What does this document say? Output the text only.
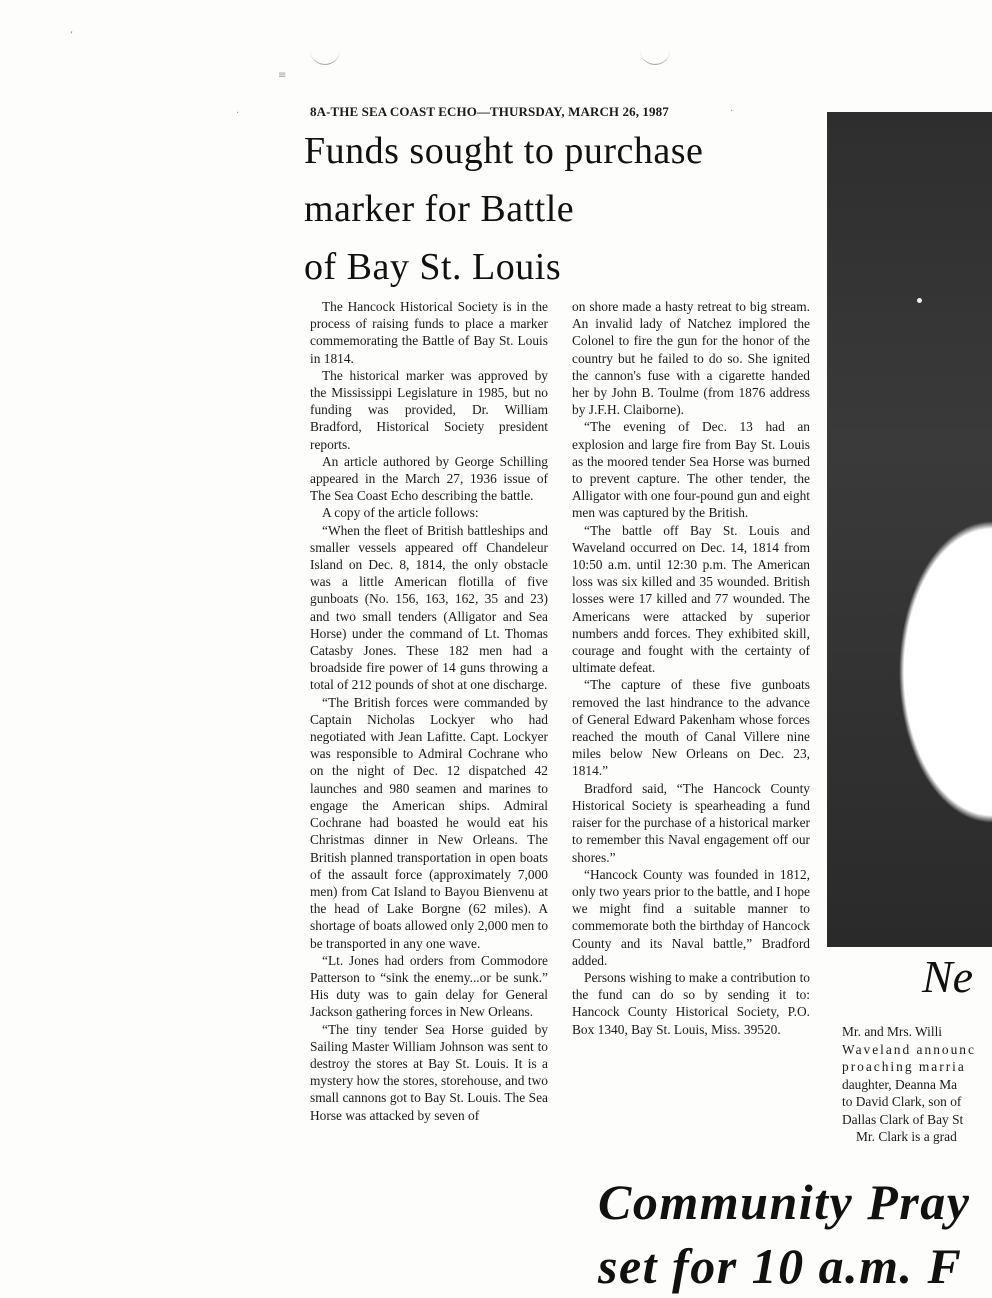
‘
≡
·	·
8A-THE SEA COAST ECHO—THURSDAY, MARCH 26, 1987
Funds sought to purchase
marker for Battle
of Bay St. Louis

The Hancock Historical Society is in the process of raising funds to place a marker commemorating the Battle of Bay St. Louis in 1814.

The historical marker was approved by the Mississippi Legislature in 1985, but no funding was provided, Dr. William Bradford, Historical Society president reports.

An article authored by George Schilling appeared in the March 27, 1936 issue of The Sea Coast Echo describing the battle.

A copy of the article follows:

“When the fleet of British battleships and smaller vessels appeared off Chandeleur Island on Dec. 8, 1814, the only obstacle was a little American flotilla of five gunboats (No. 156, 163, 162, 35 and 23) and two small tenders (Alligator and Sea Horse) under the command of Lt. Thomas Catasby Jones. These 182 men had a broadside fire power of 14 guns throwing a total of 212 pounds of shot at one discharge.

“The British forces were commanded by Captain Nicholas Lockyer who had negotiated with Jean Lafitte. Capt. Lockyer was responsible to Admiral Cochrane who on the night of Dec. 12 dispatched 42 launches and 980 seamen and marines to engage the American ships. Admiral Cochrane had boasted he would eat his Christmas dinner in New Orleans. The British planned transportation in open boats of the assault force (approximately 7,000 men) from Cat Island to Bayou Bienvenu at the head of Lake Borgne (62 miles). A shortage of boats allowed only 2,000 men to be transported in any one wave.

“Lt. Jones had orders from Commodore Patterson to “sink the enemy...or be sunk.” His duty was to gain delay for General Jackson gathering forces in New Orleans.

“The tiny tender Sea Horse guided by Sailing Master William Johnson was sent to destroy the stores at Bay St. Louis. It is a mystery how the stores, storehouse, and two small cannons got to Bay St. Louis. The Sea Horse was attacked by seven of

on shore made a hasty retreat to big stream. An invalid lady of Natchez implored the Colonel to fire the gun for the honor of the country but he failed to do so. She ignited the cannon's fuse with a cigarette handed her by John B. Toulme (from 1876 address by J.F.H. Claiborne).

“The evening of Dec. 13 had an explosion and large fire from Bay St. Louis as the moored tender Sea Horse was burned to prevent capture. The other tender, the Alligator with one four-pound gun and eight men was captured by the British.

“The battle off Bay St. Louis and Waveland occurred on Dec. 14, 1814 from 10:50 a.m. until 12:30 p.m. The American loss was six killed and 35 wounded. British losses were 17 killed and 77 wounded. The Americans were attacked by superior numbers andd forces. They exhibited skill, courage and fought with the certainty of ultimate defeat.

“The capture of these five gunboats removed the last hindrance to the advance of General Edward Pakenham whose forces reached the mouth of Canal Villere nine miles below New Orleans on Dec. 23, 1814.”

Bradford said, “The Hancock County Historical Society is spearheading a fund raiser for the purchase of a historical marker to remember this Naval engagement off our shores.”

“Hancock County was founded in 1812, only two years prior to the battle, and I hope we might find a suitable manner to commemorate both the birthday of Hancock County and its Naval battle,” Bradford added.

Persons wishing to make a contribution to the fund can do so by sending it to: Hancock County Historical Society, P.O. Box 1340, Bay St. Louis, Miss. 39520.

Ne
Mr. and Mrs. Willi
Waveland announc
proaching marria
daughter, Deanna Ma
to David Clark, son of
Dallas Clark of Bay St
Mr. Clark is a grad
Community Pray
set for 10 a.m. F
